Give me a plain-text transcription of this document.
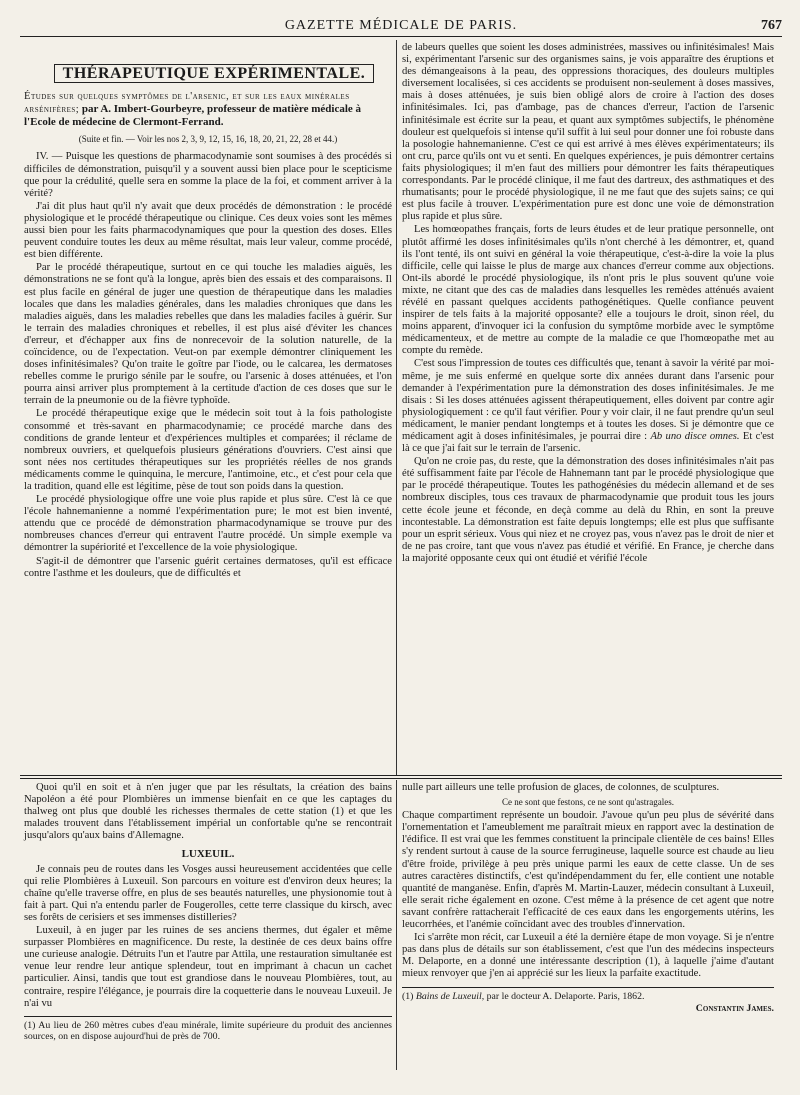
GAZETTE MÉDICALE DE PARIS.	767
THÉRAPEUTIQUE EXPÉRIMENTALE.

Études sur quelques symptômes de l'arsenic, et sur les eaux minérales arsénifères; par A. Imbert-Gourbeyre, professeur de matière médicale à l'Ecole de médecine de Clermont-Ferrand.

(Suite et fin. — Voir les nos 2, 3, 9, 12, 15, 16, 18, 20, 21, 22, 28 et 44.)

IV. — Puisque les questions de pharmacodynamie sont soumises à des procédés si difficiles de démonstration, puisqu'il y a souvent aussi bien place pour le scepticisme que pour la crédulité, quelle sera en somme la place de la foi, et comment arriver à la vérité?

J'ai dit plus haut qu'il n'y avait que deux procédés de démonstration : le procédé physiologique et le procédé thérapeutique ou clinique. Ces deux voies sont les mêmes aussi bien pour les faits pharmacodynamiques que pour la question des doses. Elles peuvent conduire toutes les deux au même résultat, mais leur valeur, comme procédé, est bien différente.

Par le procédé thérapeutique, surtout en ce qui touche les maladies aiguës, les démonstrations ne se font qu'à la longue, après bien des essais et des comparaisons. Il est plus facile en général de juger une question de thérapeutique dans les maladies locales que dans les maladies générales, dans les maladies chroniques que dans les maladies aiguës, dans les maladies rebelles que dans les maladies faciles à guérir. Sur le terrain des maladies chroniques et rebelles, il est plus aisé d'éviter les chances d'erreur, et d'échapper aux fins de nonrecevoir de la solution naturelle, de la coïncidence, ou de l'expectation. Veut-on par exemple démontrer cliniquement les doses infinitésimales? Qu'on traite le goître par l'iode, ou le calcarea, les dermatoses rebelles comme le prurigo sénile par le soufre, ou l'arsenic à doses atténuées, et l'on pourra ainsi arriver plus promptement à la certitude d'action de ces doses que sur le terrain de la pneumonie ou de la fièvre typhoïde.

Le procédé thérapeutique exige que le médecin soit tout à la fois pathologiste consommé et très-savant en pharmacodynamie; ce procédé marche dans des conditions de grande lenteur et d'expériences multiples et comparées; il réclame de nombreux ouvriers, et quelquefois plusieurs générations d'ouvriers. C'est ainsi que sont nées nos certitudes thérapeutiques sur les propriétés réelles de nos grands médicaments comme le quinquina, le mercure, l'antimoine, etc., et c'est pour cela que la tradition, quand elle est légitime, pèse de tout son poids dans la question.

Le procédé physiologique offre une voie plus rapide et plus sûre. C'est là ce que l'école hahnemanienne a nommé l'expérimentation pure; le mot est bien inventé, attendu que ce procédé de démonstration pharmacodynamique se trouve pur des nombreuses chances d'erreur qui entravent l'autre procédé. Un simple exemple va démontrer la supériorité et l'excellence de la voie physiologique.

S'agit-il de démontrer que l'arsenic guérit certaines dermatoses, qu'il est efficace contre l'asthme et les douleurs, que de difficultés et

de labeurs quelles que soient les doses administrées, massives ou infinitésimales! Mais si, expérimentant l'arsenic sur des organismes sains, je vois apparaître des éruptions et des démangeaisons à la peau, des oppressions thoraciques, des douleurs multiples diversement localisées, si ces accidents se produisent non-seulement à doses massives, mais à doses atténuées, je suis bien obligé alors de croire à l'action des doses infinitésimales. Ici, pas d'ambage, pas de chances d'erreur, l'action de l'arsenic infinitésimale est écrite sur la peau, et quant aux symptômes subjectifs, le phénomène douleur est quelquefois si intense qu'il suffit à lui seul pour donner une foi robuste dans la posologie hahnemanienne. C'est ce qui est arrivé à mes élèves expérimentateurs; ils ont cru, parce qu'ils ont vu et senti. En quelques expériences, je puis démontrer certains faits physiologiques; il m'en faut des milliers pour démontrer les faits thérapeutiques correspondants. Par le procédé clinique, il me faut des dartreux, des asthmatiques et des rhumatisants; pour le procédé physiologique, il ne me faut que des sujets sains; ce qui est plus facile à trouver. L'expérimentation pure est donc une voie de démonstration plus rapide et plus sûre.

Les homœopathes français, forts de leurs études et de leur pratique personnelle, ont plutôt affirmé les doses infinitésimales qu'ils n'ont cherché à les démontrer, et, quand ils l'ont tenté, ils ont suivi en général la voie thérapeutique, c'est-à-dire la voie la plus difficile, celle qui laisse le plus de marge aux chances d'erreur comme aux objections. Ont-ils abordé le procédé physiologique, ils n'ont pris le plus souvent qu'une voie mixte, ne citant que des cas de maladies dans lesquelles les remèdes atténués avaient révélé en passant quelques accidents pathogénétiques. Quelle confiance peuvent inspirer de tels faits à la majorité opposante? elle a toujours le droit, sinon réel, du moins apparent, d'invoquer ici la confusion du symptôme morbide avec le symptôme médicamenteux, et de mettre au compte de la maladie ce que l'homœopathe met au compte du remède.

C'est sous l'impression de toutes ces difficultés que, tenant à savoir la vérité par moi-même, je me suis enfermé en quelque sorte dix années durant dans l'arsenic pour demander à l'expérimentation pure la démonstration des doses infinitésimales. Je me disais : Si les doses atténuées agissent thérapeutiquement, elles doivent par contre agir physiologiquement : ce qu'il faut vérifier. Pour y voir clair, il ne faut prendre qu'un seul médicament, le manier pendant longtemps et à toutes les doses. Si je démontre que ce médicament agit à doses infinitésimales, je pourrai dire : Ab uno disce omnes. Et c'est là ce que j'ai fait sur le terrain de l'arsenic.

Qu'on ne croie pas, du reste, que la démonstration des doses infinitésimales n'ait pas été suffisamment faite par l'école de Hahnemann tant par le procédé physiologique que par le procédé thérapeutique. Toutes les pathogénésies du médecin allemand et de ses nombreux disciples, tous ces travaux de pharmacodynamie que produit tous les jours cette école jeune et féconde, en deçà comme au delà du Rhin, en sont la preuve incontestable. La démonstration est faite depuis longtemps; elle est plus que suffisante pour un esprit sérieux. Vous qui niez et ne croyez pas, vous n'avez pas le droit de nier et de ne pas croire, tant que vous n'avez pas étudié et vérifié. En France, je cherche dans la majorité opposante ceux qui ont étudié et vérifié l'école

Quoi qu'il en soit et à n'en juger que par les résultats, la création des bains Napoléon a été pour Plombières un immense bienfait en ce que les captages du thalweg ont plus que doublé les richesses thermales de cette station (1) et que les malades trouvent dans l'établissement impérial un confortable qu'ne se rencontrait jusqu'alors qu'aux bains d'Allemagne.

LUXEUIL.

Je connais peu de routes dans les Vosges aussi heureusement accidentées que celle qui relie Plombières à Luxeuil. Son parcours en voiture est d'environ deux heures; la chaîne qu'elle traverse offre, en plus de ses beautés naturelles, une physionomie tout à fait à part. Qui n'a entendu parler de Fougerolles, cette terre classique du kirsch, avec ses forêts de cerisiers et ses immenses distilleries?

Luxeuil, à en juger par les ruines de ses anciens thermes, dut égaler et même surpasser Plombières en magnificence. Du reste, la destinée de ces deux bains offre une curieuse analogie. Détruits l'un et l'autre par Attila, une restauration simultanée est venue leur rendre leur antique splendeur, tout en imprimant à chacun un cachet particulier. Ainsi, tandis que tout est grandiose dans le nouveau Plombières, tout, au contraire, respire l'élégance, je pourrais dire la coquetterie dans le nouveau Luxeuil. Je n'ai vu

(1) Au lieu de 260 mètres cubes d'eau minérale, limite supérieure du produit des anciennes sources, on en dispose aujourd'hui de près de 700.

nulle part ailleurs une telle profusion de glaces, de colonnes, de sculptures.

Ce ne sont que festons, ce ne sont qu'astragales.

Chaque compartiment représente un boudoir. J'avoue qu'un peu plus de sévérité dans l'ornementation et l'ameublement me paraîtrait mieux en rapport avec la destination de l'édifice. Il est vrai que les femmes constituent la principale clientèle de ces bains! Elles s'y rendent surtout à cause de la source ferrugineuse, laquelle source est chaude au lieu d'être froide, privilège à peu près unique parmi les eaux de cette classe. Un de ses autres caractères distinctifs, c'est qu'indépendamment du fer, elle contient une notable quantité de manganèse. Enfin, d'après M. Martin-Lauzer, médecin consultant à Luxeuil, elle serait riche également en ozone. C'est même à la présence de cet agent que notre savant confrère rattacherait l'efficacité de ces eaux dans les engorgements utérins, les leucorrhées, et l'anémie coïncidant avec des troubles d'innervation.

Ici s'arrête mon récit, car Luxeuil a été la dernière étape de mon voyage. Si je n'entre pas dans plus de détails sur son établissement, c'est que l'un des médecins inspecteurs M. Delaporte, en a donné une intéressante description (1), à laquelle j'aime d'autant mieux renvoyer que j'en ai apprécié sur les lieux la parfaite exactitude.

(1) Bains de Luxeuil, par le docteur A. Delaporte. Paris, 1862.

Constantin James.
